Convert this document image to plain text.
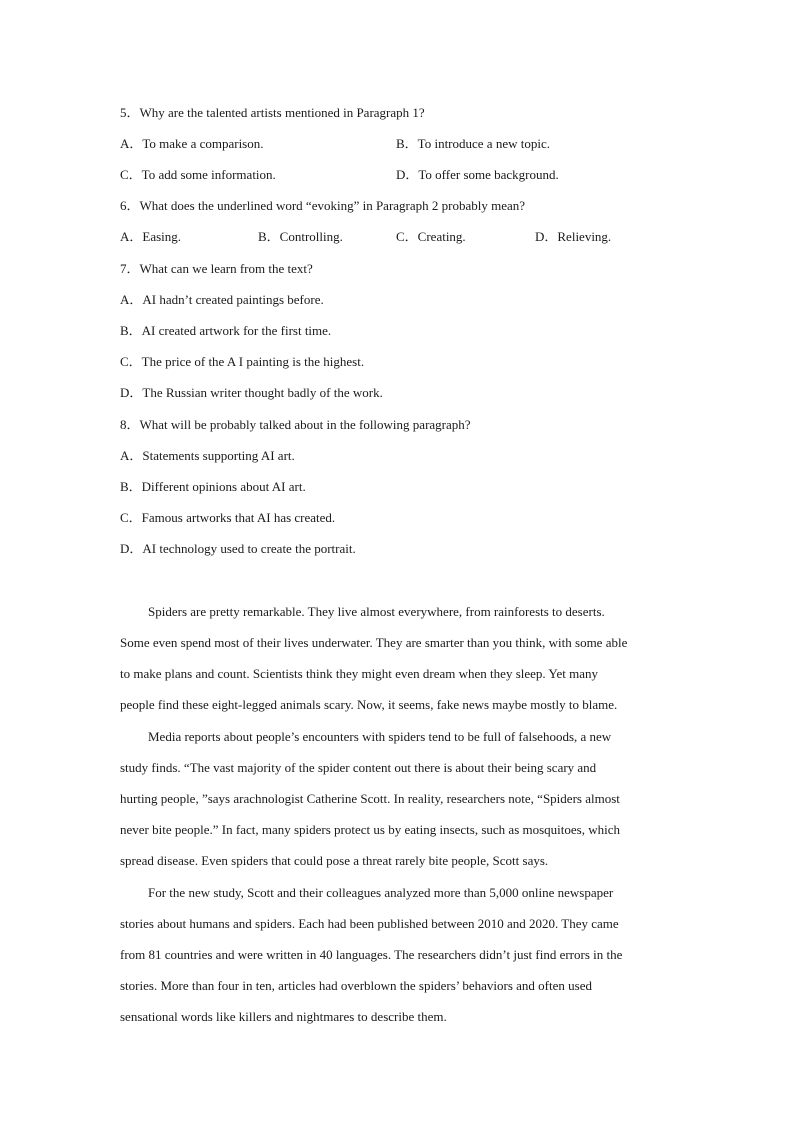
5．Why are the talented artists mentioned in Paragraph 1?
A．To make a comparison.	B．To introduce a new topic.
C．To add some information.	D．To offer some background.
6．What does the underlined word “evoking” in Paragraph 2 probably mean?
A．Easing.	B．Controlling.	C．Creating.	D．Relieving.
7．What can we learn from the text?
A．AI hadn’t created paintings before.
B．AI created artwork for the first time.
C．The price of the A I painting is the highest.
D．The Russian writer thought badly of the work.
8．What will be probably talked about in the following paragraph?
A．Statements supporting AI art.
B．Different opinions about AI art.
C．Famous artworks that AI has created.
D．AI technology used to create the portrait.
Spiders are pretty remarkable. They live almost everywhere, from rainforests to deserts.
Some even spend most of their lives underwater. They are smarter than you think, with some able
to make plans and count. Scientists think they might even dream when they sleep. Yet many
people find these eight-legged animals scary. Now, it seems, fake news maybe mostly to blame.
Media reports about people’s encounters with spiders tend to be full of falsehoods, a new
study finds. “The vast majority of the spider content out there is about their being scary and
hurting people, ”says arachnologist Catherine Scott. In reality, researchers note, “Spiders almost
never bite people.” In fact, many spiders protect us by eating insects, such as mosquitoes, which
spread disease. Even spiders that could pose a threat rarely bite people, Scott says.
For the new study, Scott and their colleagues analyzed more than 5,000 online newspaper
stories about humans and spiders. Each had been published between 2010 and 2020. They came
from 81 countries and were written in 40 languages. The researchers didn’t just find errors in the
stories. More than four in ten, articles had overblown the spiders’ behaviors and often used
sensational words like killers and nightmares to describe them.
